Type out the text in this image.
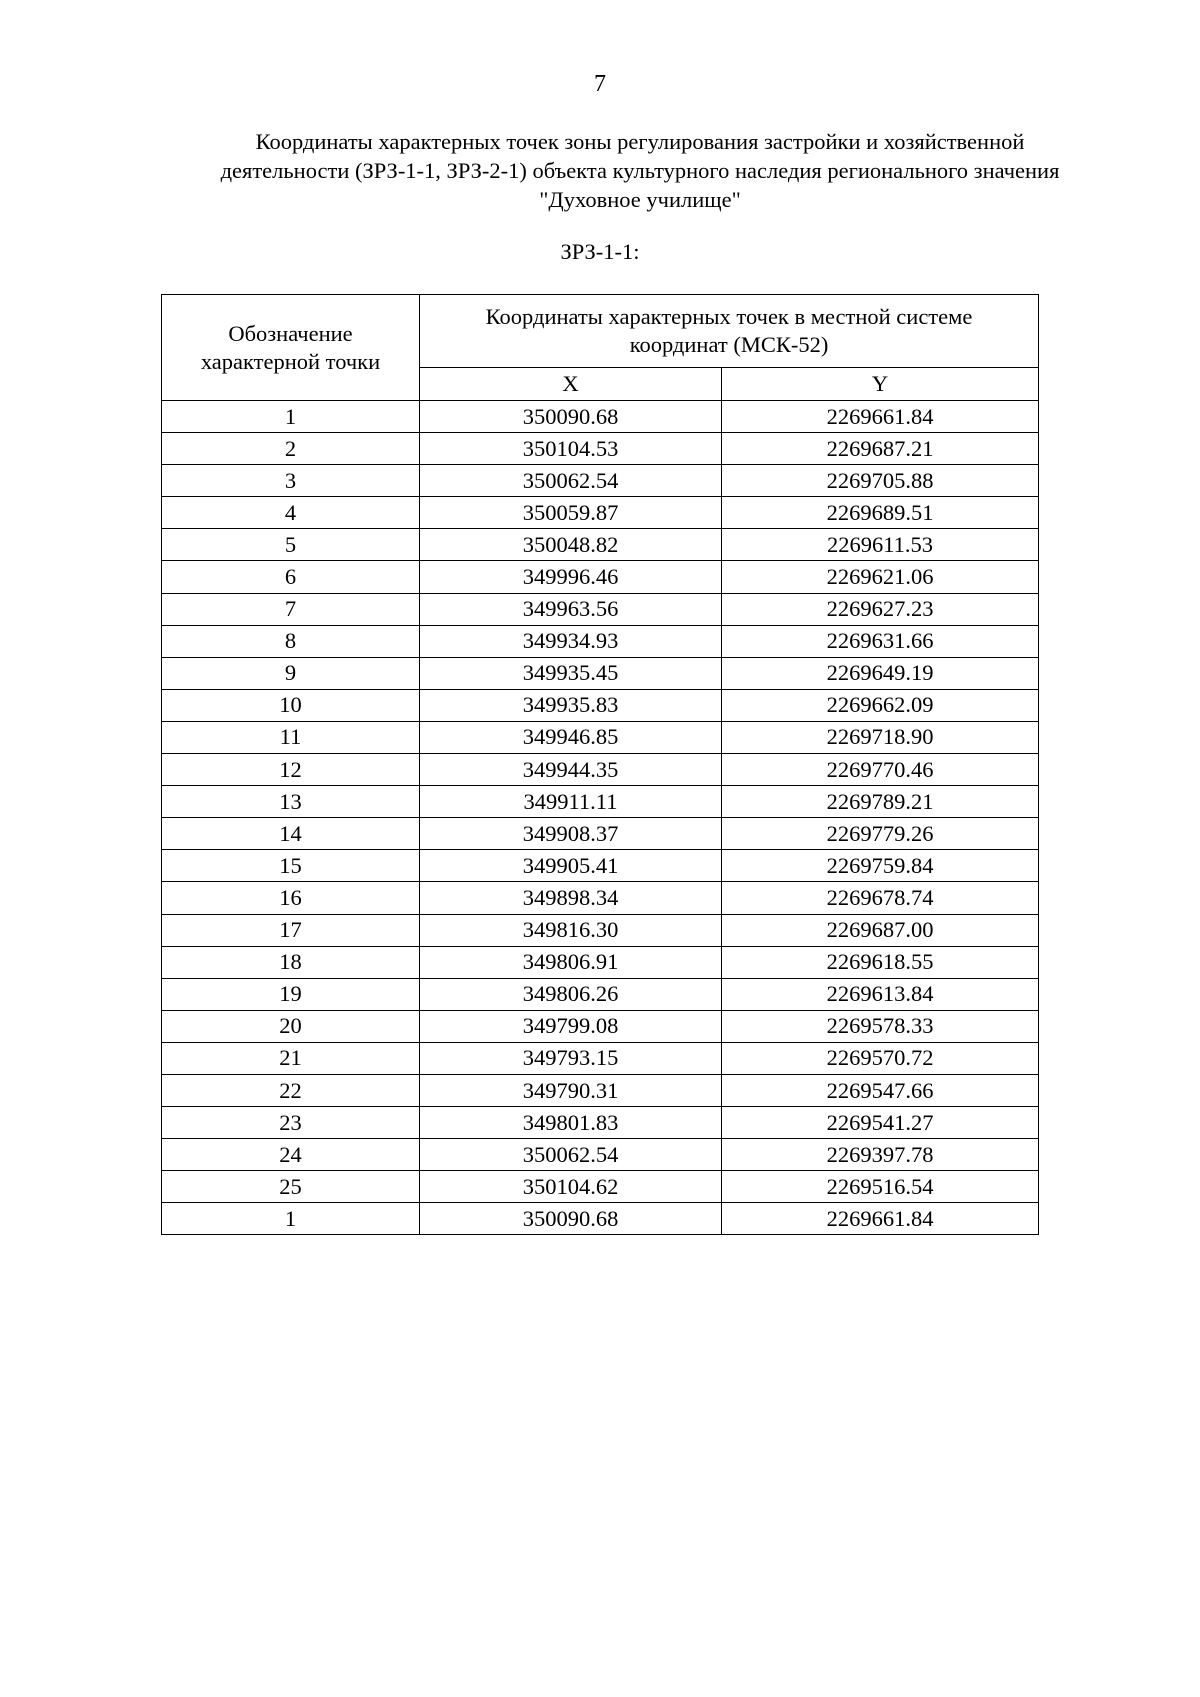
7
Координаты характерных точек зоны регулирования застройки и хозяйственной
деятельности (ЗРЗ-1-1, ЗРЗ-2-1) объекта культурного наследия регионального значения
"Духовное училище"
ЗРЗ-1-1:
Обозначение
характерной точки	Координаты характерных точек в местной системе
координат (МСК-52)	

	X	Y
1	350090.68	2269661.84
2	350104.53	2269687.21
3	350062.54	2269705.88
4	350059.87	2269689.51
5	350048.82	2269611.53
6	349996.46	2269621.06
7	349963.56	2269627.23
8	349934.93	2269631.66
9	349935.45	2269649.19
10	349935.83	2269662.09
11	349946.85	2269718.90
12	349944.35	2269770.46
13	349911.11	2269789.21
14	349908.37	2269779.26
15	349905.41	2269759.84
16	349898.34	2269678.74
17	349816.30	2269687.00
18	349806.91	2269618.55
19	349806.26	2269613.84
20	349799.08	2269578.33
21	349793.15	2269570.72
22	349790.31	2269547.66
23	349801.83	2269541.27
24	350062.54	2269397.78
25	350104.62	2269516.54
1	350090.68	2269661.84
